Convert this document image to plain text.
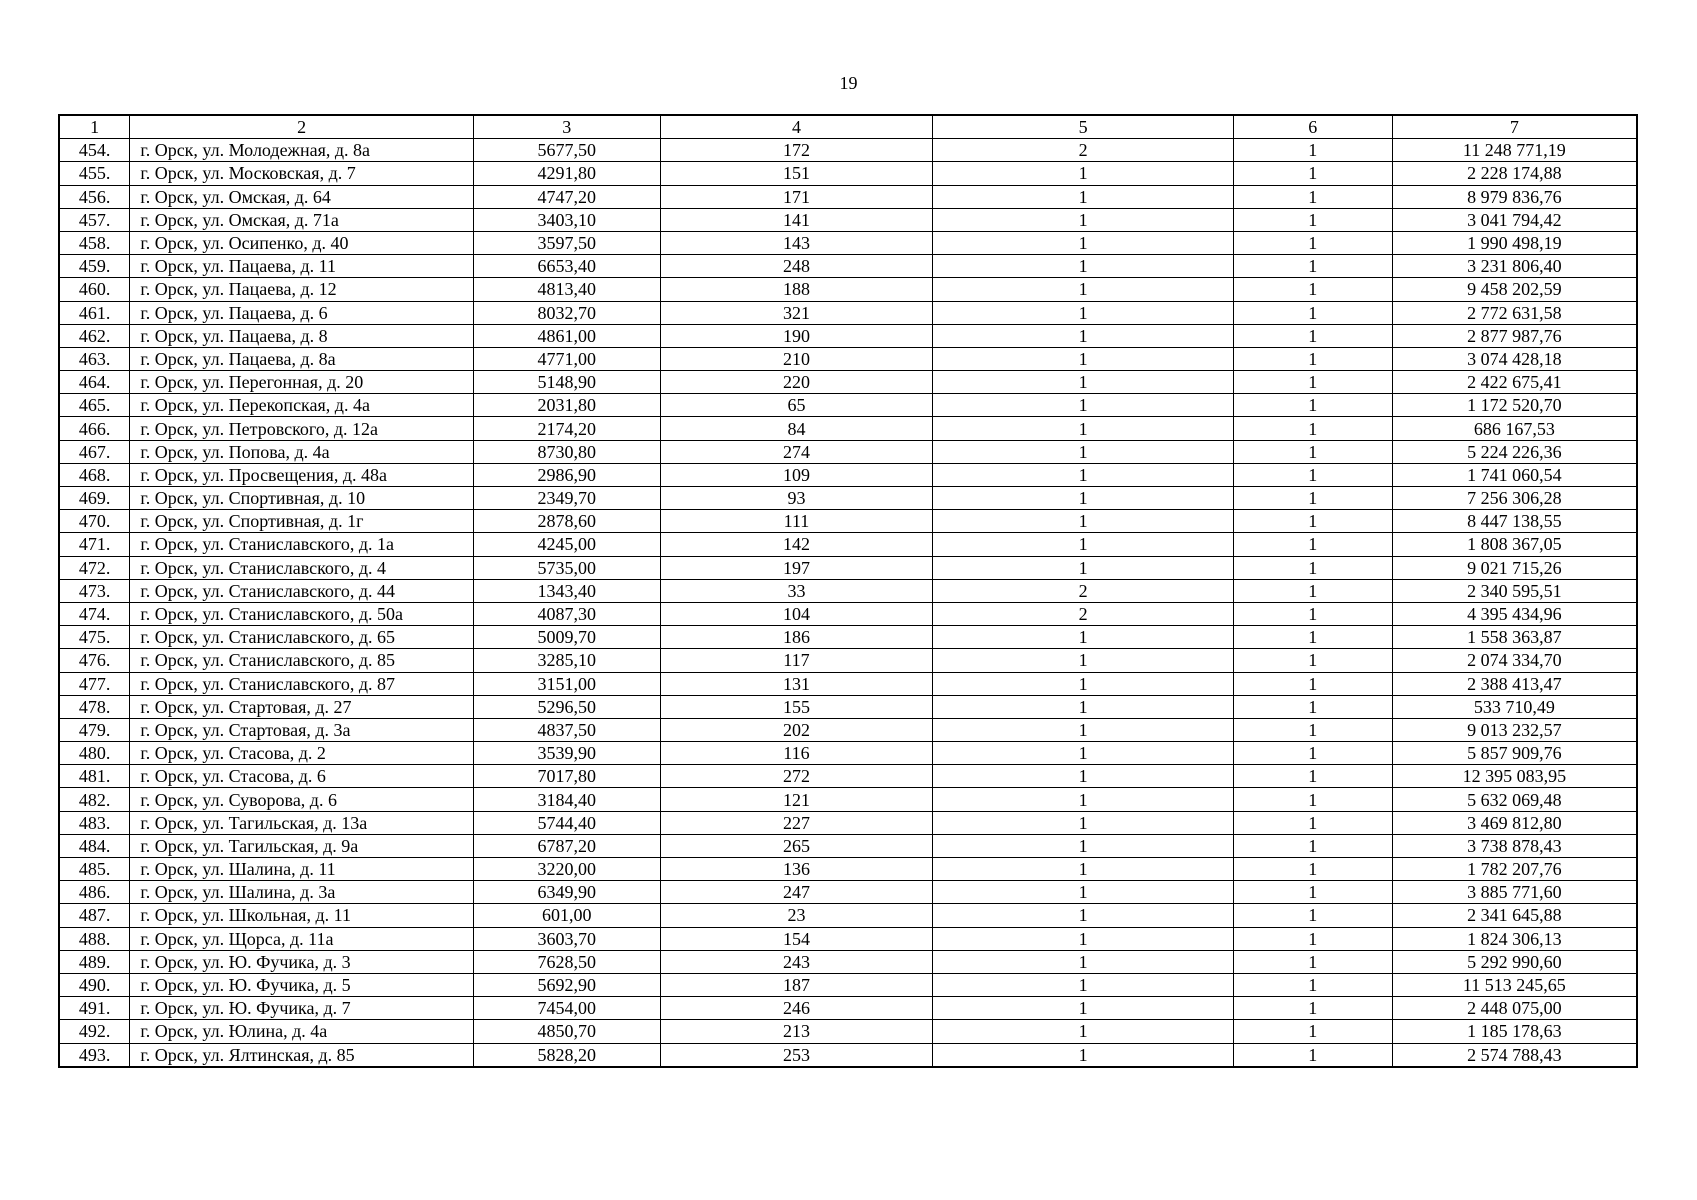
19
1	2	3	4	5	6	7
454.	г. Орск, ул. Молодежная, д. 8а	5677,50	172	2	1	11 248 771,19
455.	г. Орск, ул. Московская, д. 7	4291,80	151	1	1	2 228 174,88
456.	г. Орск, ул. Омская, д. 64	4747,20	171	1	1	8 979 836,76
457.	г. Орск, ул. Омская, д. 71а	3403,10	141	1	1	3 041 794,42
458.	г. Орск, ул. Осипенко, д. 40	3597,50	143	1	1	1 990 498,19
459.	г. Орск, ул. Пацаева, д. 11	6653,40	248	1	1	3 231 806,40
460.	г. Орск, ул. Пацаева, д. 12	4813,40	188	1	1	9 458 202,59
461.	г. Орск, ул. Пацаева, д. 6	8032,70	321	1	1	2 772 631,58
462.	г. Орск, ул. Пацаева, д. 8	4861,00	190	1	1	2 877 987,76
463.	г. Орск, ул. Пацаева, д. 8а	4771,00	210	1	1	3 074 428,18
464.	г. Орск, ул. Перегонная, д. 20	5148,90	220	1	1	2 422 675,41
465.	г. Орск, ул. Перекопская, д. 4а	2031,80	65	1	1	1 172 520,70
466.	г. Орск, ул. Петровского, д. 12а	2174,20	84	1	1	686 167,53
467.	г. Орск, ул. Попова, д. 4а	8730,80	274	1	1	5 224 226,36
468.	г. Орск, ул. Просвещения, д. 48а	2986,90	109	1	1	1 741 060,54
469.	г. Орск, ул. Спортивная, д. 10	2349,70	93	1	1	7 256 306,28
470.	г. Орск, ул. Спортивная, д. 1г	2878,60	111	1	1	8 447 138,55
471.	г. Орск, ул. Станиславского, д. 1а	4245,00	142	1	1	1 808 367,05
472.	г. Орск, ул. Станиславского, д. 4	5735,00	197	1	1	9 021 715,26
473.	г. Орск, ул. Станиславского, д. 44	1343,40	33	2	1	2 340 595,51
474.	г. Орск, ул. Станиславского, д. 50а	4087,30	104	2	1	4 395 434,96
475.	г. Орск, ул. Станиславского, д. 65	5009,70	186	1	1	1 558 363,87
476.	г. Орск, ул. Станиславского, д. 85	3285,10	117	1	1	2 074 334,70
477.	г. Орск, ул. Станиславского, д. 87	3151,00	131	1	1	2 388 413,47
478.	г. Орск, ул. Стартовая, д. 27	5296,50	155	1	1	533 710,49
479.	г. Орск, ул. Стартовая, д. 3а	4837,50	202	1	1	9 013 232,57
480.	г. Орск, ул. Стасова, д. 2	3539,90	116	1	1	5 857 909,76
481.	г. Орск, ул. Стасова, д. 6	7017,80	272	1	1	12 395 083,95
482.	г. Орск, ул. Суворова, д. 6	3184,40	121	1	1	5 632 069,48
483.	г. Орск, ул. Тагильская, д. 13а	5744,40	227	1	1	3 469 812,80
484.	г. Орск, ул. Тагильская, д. 9а	6787,20	265	1	1	3 738 878,43
485.	г. Орск, ул. Шалина, д. 11	3220,00	136	1	1	1 782 207,76
486.	г. Орск, ул. Шалина, д. 3а	6349,90	247	1	1	3 885 771,60
487.	г. Орск, ул. Школьная, д. 11	601,00	23	1	1	2 341 645,88
488.	г. Орск, ул. Щорса, д. 11а	3603,70	154	1	1	1 824 306,13
489.	г. Орск, ул. Ю. Фучика, д. 3	7628,50	243	1	1	5 292 990,60
490.	г. Орск, ул. Ю. Фучика, д. 5	5692,90	187	1	1	11 513 245,65
491.	г. Орск, ул. Ю. Фучика, д. 7	7454,00	246	1	1	2 448 075,00
492.	г. Орск, ул. Юлина, д. 4а	4850,70	213	1	1	1 185 178,63
493.	г. Орск, ул. Ялтинская, д. 85	5828,20	253	1	1	2 574 788,43
